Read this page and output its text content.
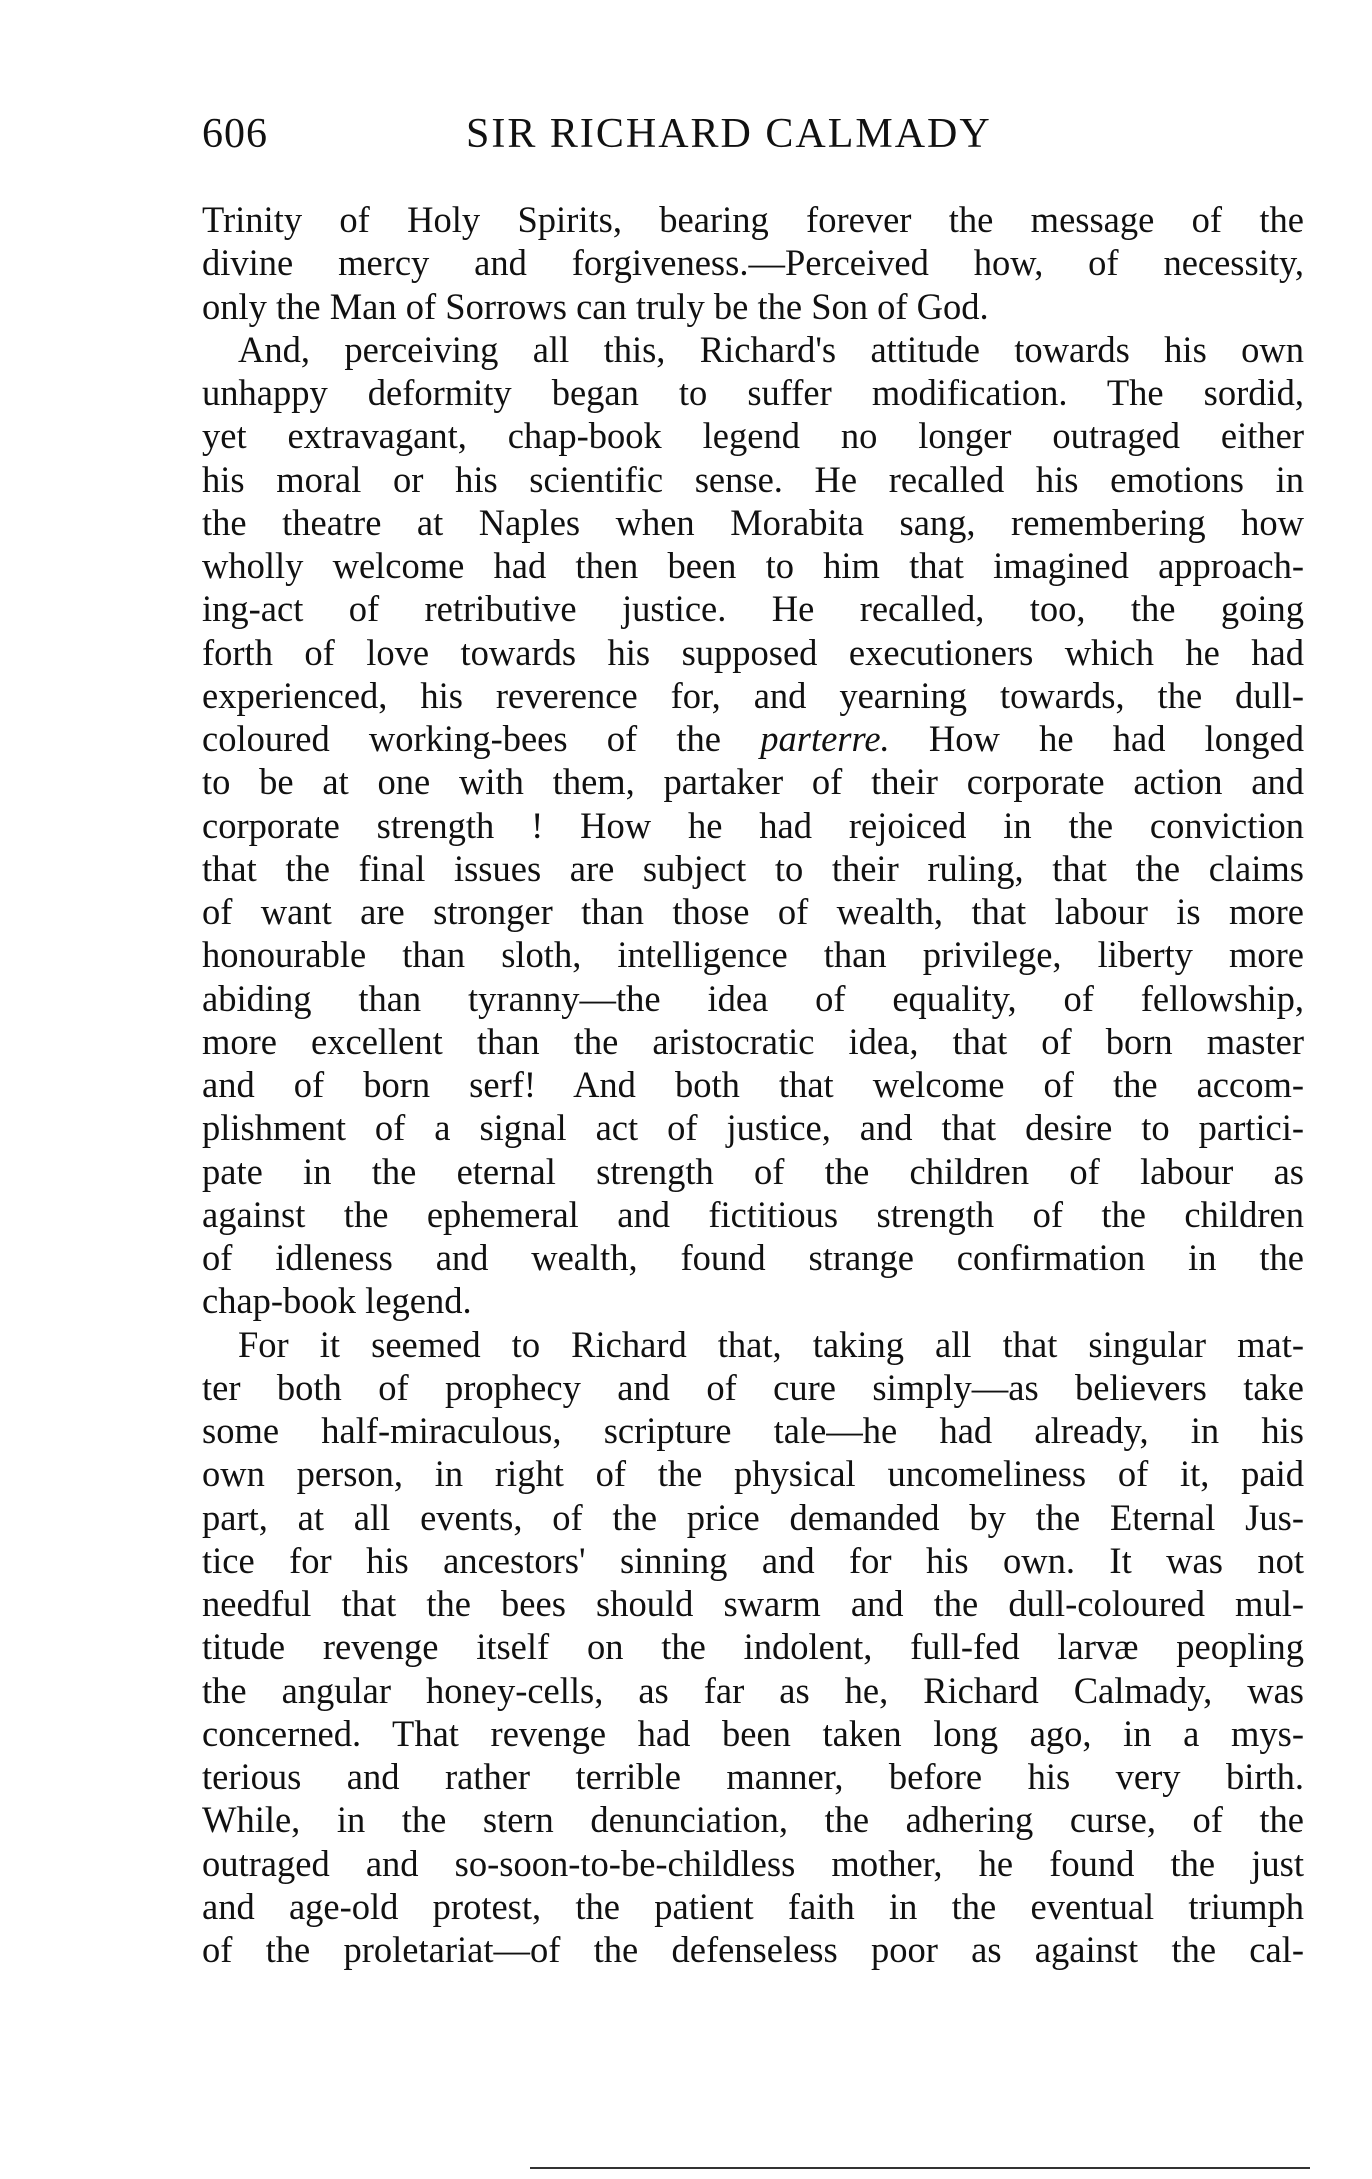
606	SIR RICHARD CALMADY
Trinity of Holy Spirits, bearing forever the message of the
divine mercy and forgiveness.—Perceived how, of necessity,
only the Man of Sorrows can truly be the Son of God.
And, perceiving all this, Richard's attitude towards his own
unhappy deformity began to suffer modification. The sordid,
yet extravagant, chap-book legend no longer outraged either
his moral or his scientific sense. He recalled his emotions in
the theatre at Naples when Morabita sang, remembering how
wholly welcome had then been to him that imagined approach-
ing-act of retributive justice. He recalled, too, the going
forth of love towards his supposed executioners which he had
experienced, his reverence for, and yearning towards, the dull-
coloured working-bees of the parterre. How he had longed
to be at one with them, partaker of their corporate action and
corporate strength ! How he had rejoiced in the conviction
that the final issues are subject to their ruling, that the claims
of want are stronger than those of wealth, that labour is more
honourable than sloth, intelligence than privilege, liberty more
abiding than tyranny—the idea of equality, of fellowship,
more excellent than the aristocratic idea, that of born master
and of born serf! And both that welcome of the accom-
plishment of a signal act of justice, and that desire to partici-
pate in the eternal strength of the children of labour as
against the ephemeral and fictitious strength of the children
of idleness and wealth, found strange confirmation in the
chap-book legend.
For it seemed to Richard that, taking all that singular mat-
ter both of prophecy and of cure simply—as believers take
some half-miraculous, scripture tale—he had already, in his
own person, in right of the physical uncomeliness of it, paid
part, at all events, of the price demanded by the Eternal Jus-
tice for his ancestors' sinning and for his own. It was not
needful that the bees should swarm and the dull-coloured mul-
titude revenge itself on the indolent, full-fed larvæ peopling
the angular honey-cells, as far as he, Richard Calmady, was
concerned. That revenge had been taken long ago, in a mys-
terious and rather terrible manner, before his very birth.
While, in the stern denunciation, the adhering curse, of the
outraged and so-soon-to-be-childless mother, he found the just
and age-old protest, the patient faith in the eventual triumph
of the proletariat—of the defenseless poor as against the cal-
